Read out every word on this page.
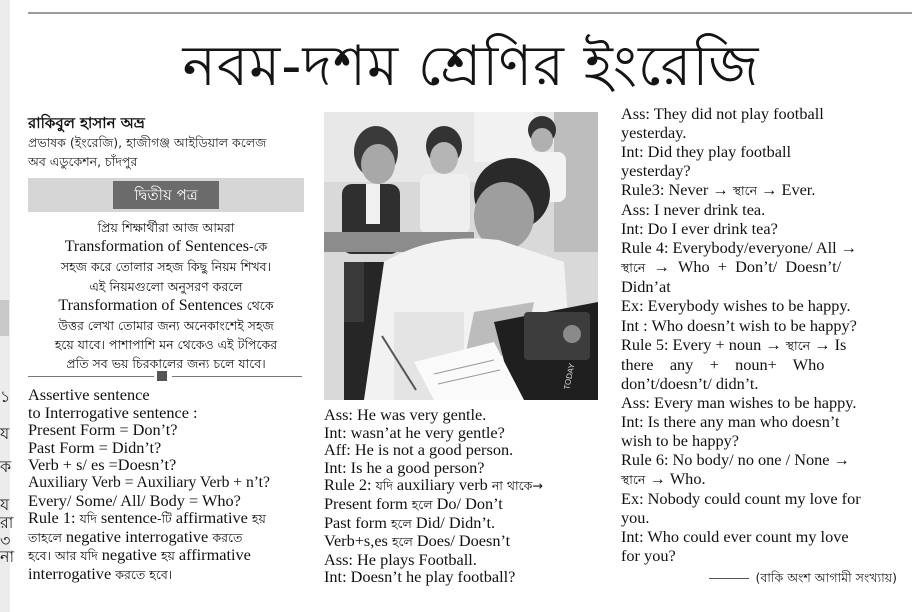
১
য
ক
য
রা
৩
না
নবম-দশম শ্রেণির ইংরেজি
রাকিবুল হাসান অভ্র
প্রভাষক (ইংরেজি), হাজীগঞ্জ আইডিয়াল কলেজ
অব এডুকেশন, চাঁদপুর
দ্বিতীয় পত্র
প্রিয় শিক্ষার্থীরা আজ আমরা
Transformation of Sentences-কে
সহজ করে তোলার সহজ কিছু নিয়ম শিখব।
এই নিয়মগুলো অনুসরণ করলে
Transformation of Sentences থেকে
উত্তর লেখা তোমার জন্য অনেকাংশেই সহজ
হয়ে যাবে। পাশাপাশি মন থেকেও এই টপিকের
প্রতি সব ভয় চিরকালের জন্য চলে যাবে।
Assertive sentence
to Interrogative sentence :
Present Form = Don’t?
Past Form = Didn’t?
Verb + s/ es =Doesn’t?
Auxiliary Verb = Auxiliary Verb + n’t?
Every/ Some/ All/ Body = Who?
Rule 1: যদি sentence-টি affirmative হয়
তাহলে negative interrogative করতে
হবে। আর যদি negative হয় affirmative
interrogative করতে হবে।
TODAY
Ass: He was very gentle.
Int: wasn’at he very gentle?
Aff: He is not a good person.
Int: Is he a good person?
Rule 2: যদি auxiliary verb না থাকে→
Present form হলে Do/ Don’t
Past form হলে Did/ Didn’t.
Verb+s,es হলে Does/ Doesn’t
Ass: He plays Football.
Int: Doesn’t he play football?
Ass: They did not play football
yesterday.
Int: Did they play football
yesterday?
Rule3: Never → স্থানে → Ever.
Ass: I never drink tea.
Int: Do I ever drink tea?
Rule 4: Everybody/everyone/ All →
স্থানে  →  Who  +  Don’t/  Doesn’t/
Didn’at
Ex: Everybody wishes to be happy.
Int : Who doesn’t wish to be happy?
Rule 5: Every + noun → স্থানে → Is
there    any    +    noun+    Who
don’t/doesn’t/ didn’t.
Ass: Every man wishes to be happy.
Int: Is there any man who doesn’t
wish to be happy?
Rule 6: No body/ no one / None →
স্থানে → Who.
Ex: Nobody could count my love for
you.
Int: Who could ever count my love
for you?
(বাকি অংশ আগামী সংখ্যায়)
